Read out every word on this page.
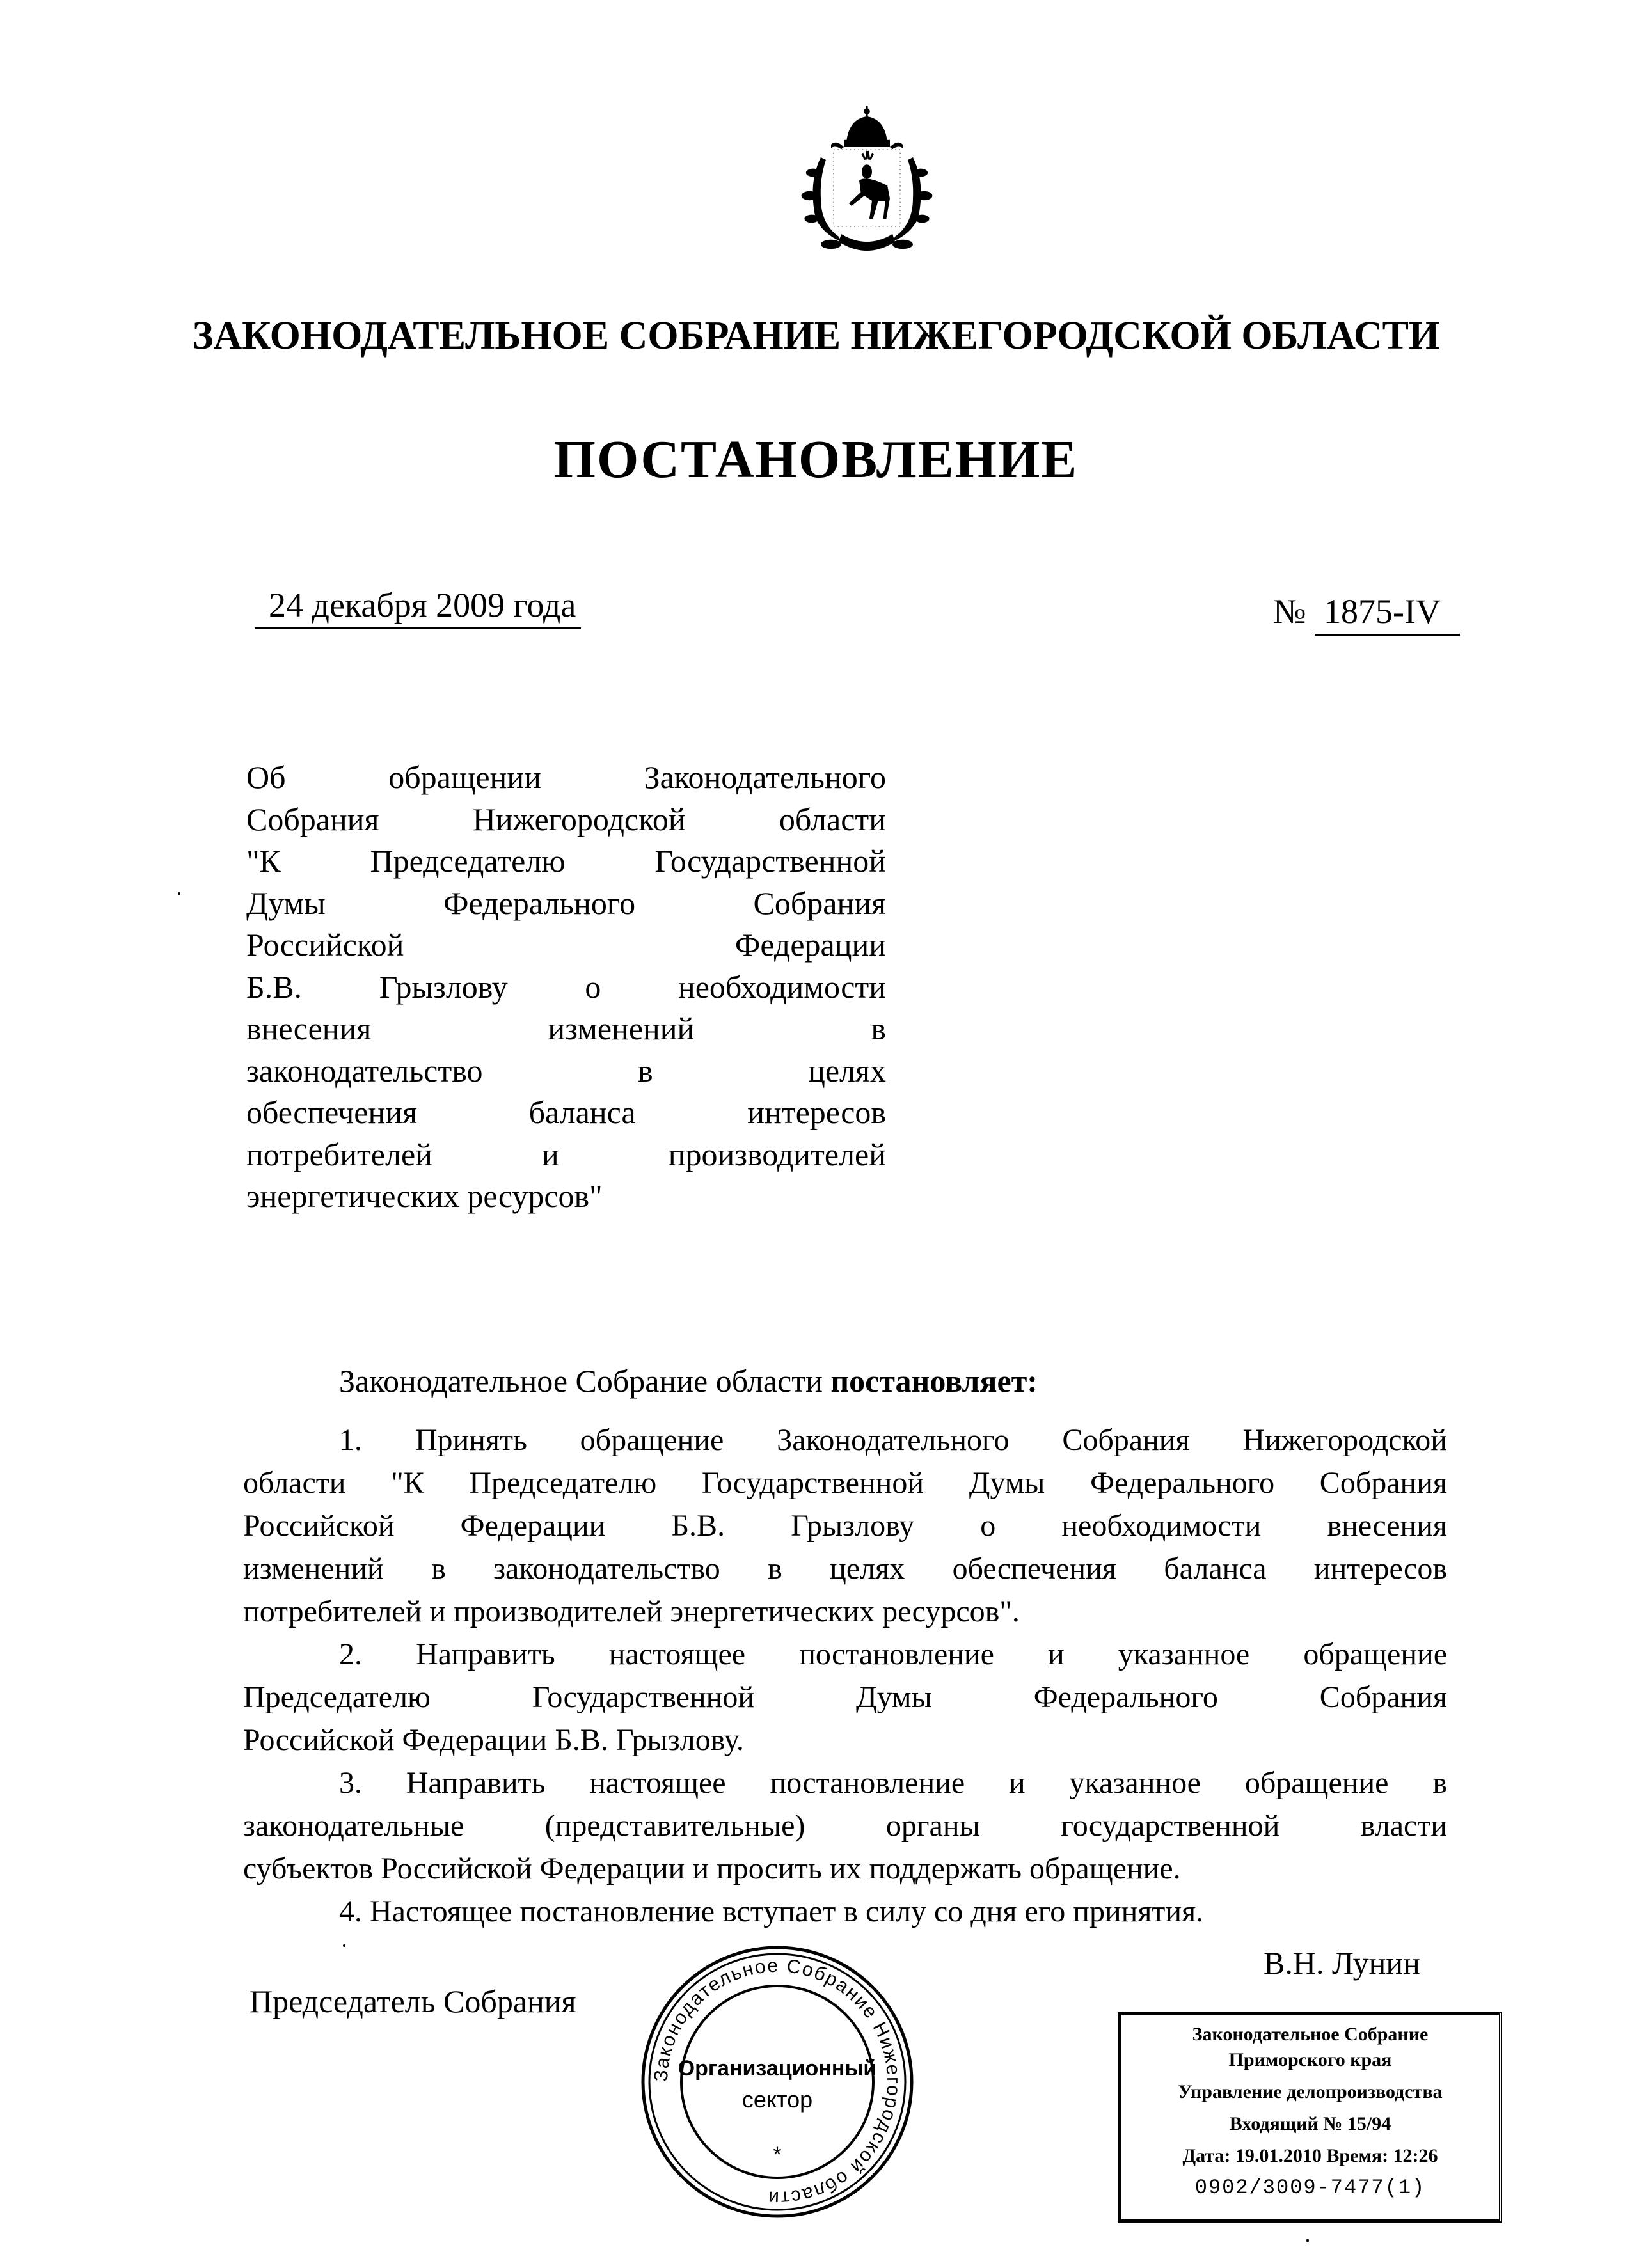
ЗАКОНОДАТЕЛЬНОЕ СОБРАНИЕ НИЖЕГОРОДСКОЙ ОБЛАСТИ
ПОСТАНОВЛЕНИЕ
24 декабря 2009 года	№ 1875-IV
Об обращении Законодательного
Собрания Нижегородской области
"К Председателю Государственной
Думы Федерального Собрания
Российской Федерации
Б.В. Грызлову о необходимости
внесения изменений в
законодательство в целях
обеспечения баланса интересов
потребителей и производителей
энергетических ресурсов"
Законодательное Собрание области постановляет:
1. Принять обращение Законодательного Собрания Нижегородской
области "К Председателю Государственной Думы Федерального Собрания
Российской Федерации Б.В. Грызлову о необходимости внесения
изменений в законодательство в целях обеспечения баланса интересов
потребителей и производителей энергетических ресурсов".
2. Направить настоящее постановление и указанное обращение
Председателю Государственной Думы Федерального Собрания
Российской Федерации Б.В. Грызлову.
3. Направить настоящее постановление и указанное обращение в
законодательные (представительные) органы государственной власти
субъектов Российской Федерации и просить их поддержать обращение.
4. Настоящее постановление вступает в силу со дня его принятия.
Председатель Собрания
В.Н. Лунин
Законодательное Собрание Нижегородской области
Организационный
сектор
*
Законодательное Собрание
Приморского края
Управление делопроизводства
Входящий № 15/94
Дата: 19.01.2010 Время: 12:26
0902/3009-7477(1)
